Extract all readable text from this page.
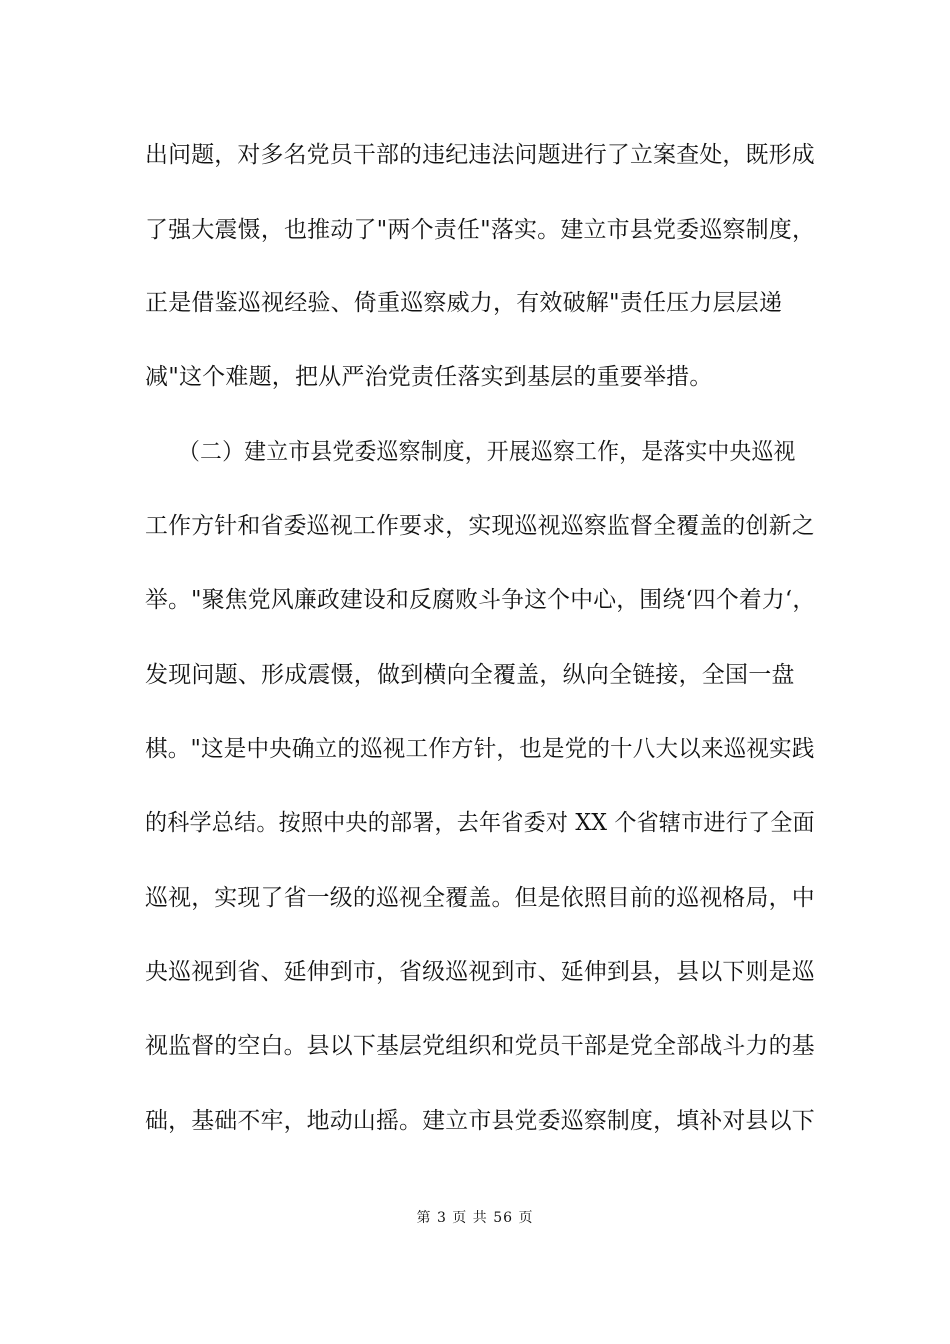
出问题，对多名党员干部的违纪违法问题进行了立案查处，既形成
了强大震慑，也推动了"两个责任"落实。建立市县党委巡察制度，
正是借鉴巡视经验、倚重巡察威力，有效破解"责任压力层层递
减"这个难题，把从严治党责任落实到基层的重要举措。
（二）建立市县党委巡察制度，开展巡察工作，是落实中央巡视
工作方针和省委巡视工作要求，实现巡视巡察监督全覆盖的创新之
举。"聚焦党风廉政建设和反腐败斗争这个中心，围绕‘四个着力‘，
发现问题、形成震慑，做到横向全覆盖，纵向全链接，全国一盘
棋。"这是中央确立的巡视工作方针，也是党的十八大以来巡视实践
的科学总结。按照中央的部署，去年省委对 XX 个省辖市进行了全面
巡视，实现了省一级的巡视全覆盖。但是依照目前的巡视格局，中
央巡视到省、延伸到市，省级巡视到市、延伸到县，县以下则是巡
视监督的空白。县以下基层党组织和党员干部是党全部战斗力的基
础，基础不牢，地动山摇。建立市县党委巡察制度，填补对县以下
第 3 页 共 56 页
